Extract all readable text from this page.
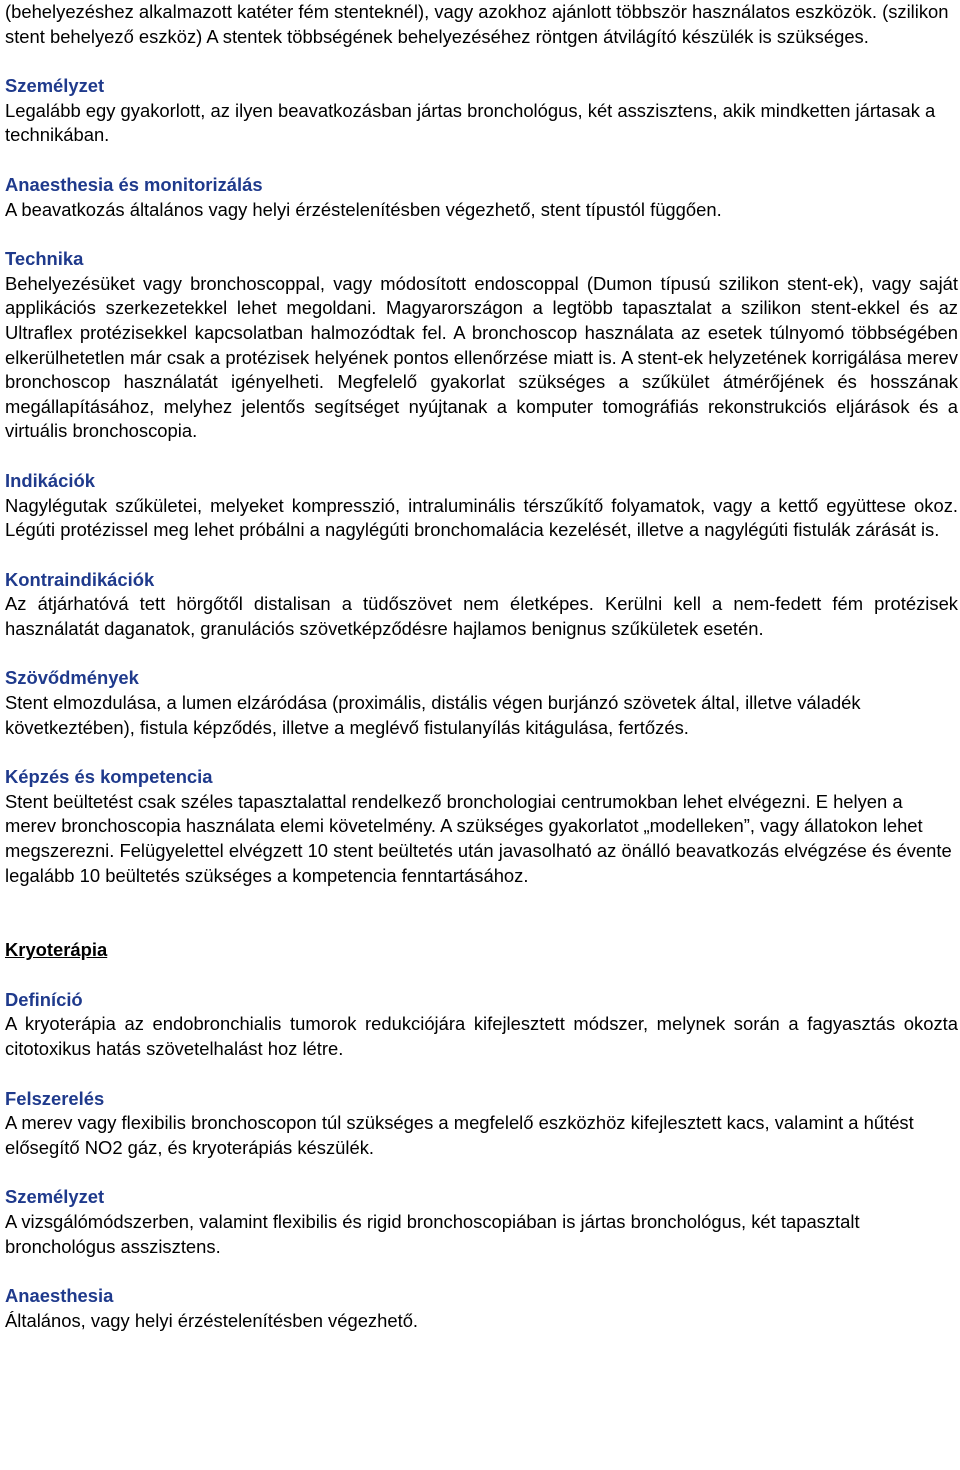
(behelyezéshez alkalmazott katéter fém stenteknél), vagy azokhoz ajánlott többször használatos eszközök. (szilikon stent behelyező eszköz) A stentek többségének behelyezéséhez röntgen átvilágító készülék is szükséges.

Személyzet

Legalább egy gyakorlott, az ilyen beavatkozásban jártas bronchológus, két asszisztens, akik mindketten jártasak a technikában.

Anaesthesia és monitorizálás

A beavatkozás általános vagy helyi érzéstelenítésben végezhető, stent típustól függően.

Technika

Behelyezésüket vagy bronchoscoppal, vagy módosított endoscoppal (Dumon típusú szilikon stent-ek), vagy saját applikációs szerkezetekkel lehet megoldani. Magyarországon a legtöbb tapasztalat a szilikon stent-ekkel és az Ultraflex protézisekkel kapcsolatban halmozódtak fel. A bronchoscop használata az esetek túlnyomó többségében elkerülhetetlen már csak a protézisek helyének pontos ellenőrzése miatt is. A stent-ek helyzetének korrigálása merev bronchoscop használatát igényelheti. Megfelelő gyakorlat szükséges a szűkület átmérőjének és hosszának megállapításához, melyhez jelentős segítséget nyújtanak a komputer tomográfiás rekonstrukciós eljárások és a virtuális bronchoscopia.

Indikációk

Nagylégutak szűkületei, melyeket kompresszió, intraluminális térszűkítő folyamatok, vagy a kettő együttese okoz. Légúti protézissel meg lehet próbálni a nagylégúti bronchomalácia kezelését, illetve a nagylégúti fistulák zárását is.

Kontraindikációk

Az átjárhatóvá tett hörgőtől distalisan a tüdőszövet nem életképes. Kerülni kell a nem-fedett fém protézisek használatát daganatok, granulációs szövetképződésre hajlamos benignus szűkületek esetén.

Szövődmények

Stent elmozdulása, a lumen elzáródása (proximális, distális végen burjánzó szövetek által, illetve váladék következtében), fistula képződés, illetve a meglévő fistulanyílás kitágulása, fertőzés.

Képzés és kompetencia

Stent beültetést csak széles tapasztalattal rendelkező bronchologiai centrumokban lehet elvégezni. E helyen a merev bronchoscopia használata elemi követelmény. A szükséges gyakorlatot „modelleken”, vagy állatokon lehet megszerezni. Felügyelettel elvégzett 10 stent beültetés után javasolható az önálló beavatkozás elvégzése és évente legalább 10 beültetés szükséges a kompetencia fenntartásához.

Kryoterápia

Definíció

A kryoterápia az endobronchialis tumorok redukciójára kifejlesztett módszer, melynek során a fagyasztás okozta citotoxikus hatás szövetelhalást hoz létre.

Felszerelés

A merev vagy flexibilis bronchoscopon túl szükséges a megfelelő eszközhöz kifejlesztett kacs, valamint a hűtést elősegítő NO2 gáz, és kryoterápiás készülék.

Személyzet

A vizsgálómódszerben, valamint flexibilis és rigid bronchoscopiában is jártas bronchológus, két tapasztalt bronchológus asszisztens.

Anaesthesia

Általános, vagy helyi érzéstelenítésben végezhető.
